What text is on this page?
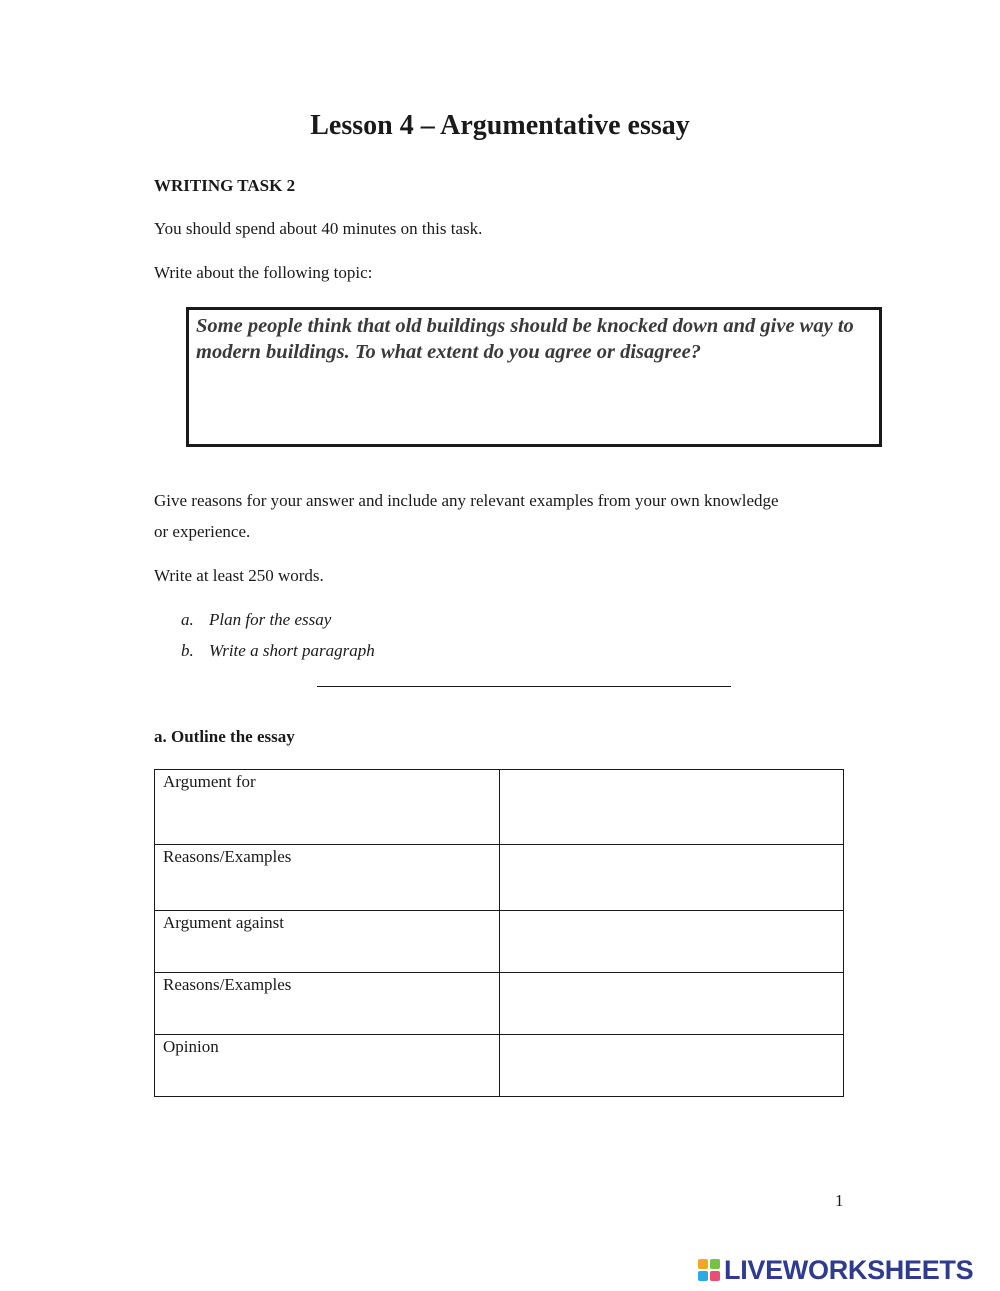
Lesson 4 – Argumentative essay

WRITING TASK 2

You should spend about 40 minutes on this task.

Write about the following topic:

Some people think that old buildings should be knocked down and give way to

modern buildings. To what extent do you agree or disagree?

Give reasons for your answer and include any relevant examples from your own knowledge

or experience.

Write at least 250 words.

a. Plan for the essay

b. Write a short paragraph

a. Outline the essay

Argument for	
Reasons/Examples	
Argument against	
Reasons/Examples	
Opinion	

1

LIVEWORKSHEETS
